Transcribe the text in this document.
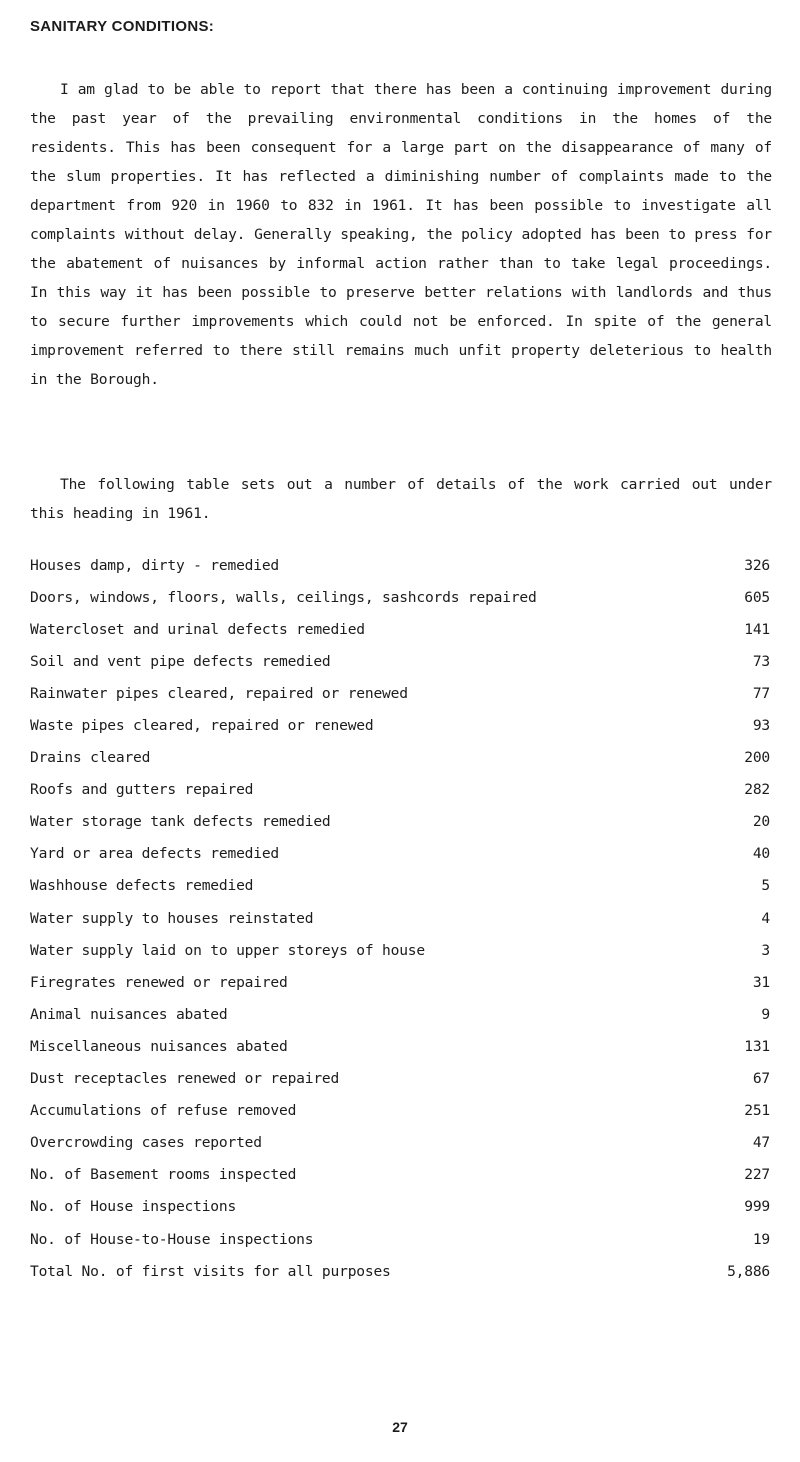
SANITARY CONDITIONS:

I am glad to be able to report that there has been a continuing improvement during the past year of the prevailing environmental conditions in the homes of the residents. This has been consequent for a large part on the disappearance of many of the slum properties. It has reflected a diminishing number of complaints made to the department from 920 in 1960 to 832 in 1961. It has been possible to investigate all complaints without delay. Generally speaking, the policy adopted has been to press for the abatement of nuisances by informal action rather than to take legal proceedings. In this way it has been possible to preserve better relations with landlords and thus to secure further improvements which could not be enforced. In spite of the general improvement referred to there still remains much unfit property deleterious to health in the Borough.

The following table sets out a number of details of the work carried out under this heading in 1961.

Houses damp, dirty - remedied	326
Doors, windows, floors, walls, ceilings, sashcords repaired	605
Watercloset and urinal defects remedied	141
Soil and vent pipe defects remedied	73
Rainwater pipes cleared, repaired or renewed	77
Waste pipes cleared, repaired or renewed	93
Drains cleared	200
Roofs and gutters repaired	282
Water storage tank defects remedied	20
Yard or area defects remedied	40
Washhouse defects remedied	5
Water supply to houses reinstated	4
Water supply laid on to upper storeys of house	3
Firegrates renewed or repaired	31
Animal nuisances abated	9
Miscellaneous nuisances abated	131
Dust receptacles renewed or repaired	67
Accumulations of refuse removed	251
Overcrowding cases reported	47
No. of Basement rooms inspected	227
No. of House inspections	999
No. of House-to-House inspections	19
Total No. of first visits for all purposes	5,886
27
